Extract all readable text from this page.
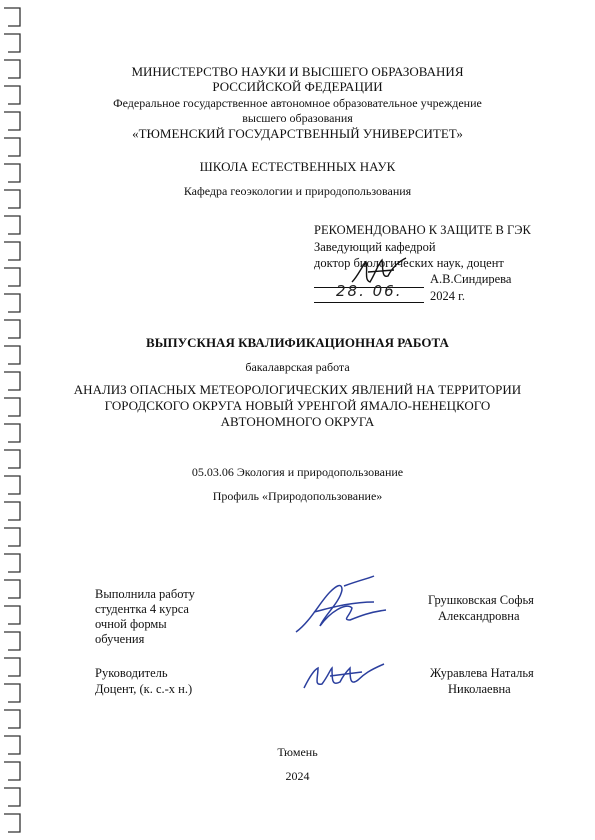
МИНИСТЕРСТВО НАУКИ И ВЫСШЕГО ОБРАЗОВАНИЯ
РОССИЙСКОЙ ФЕДЕРАЦИИ
Федеральное государственное автономное образовательное учреждение
высшего образования
«ТЮМЕНСКИЙ ГОСУДАРСТВЕННЫЙ УНИВЕРСИТЕТ»
ШКОЛА ЕСТЕСТВЕННЫХ НАУК
Кафедра геоэкологии и природопользования
РЕКОМЕНДОВАНО К ЗАЩИТЕ В ГЭК
Заведующий кафедрой
доктор биологических наук, доцент
А.В.Синдирева
28. 06. 2024 г.
ВЫПУСКНАЯ КВАЛИФИКАЦИОННАЯ РАБОТА
бакалаврская работа
АНАЛИЗ ОПАСНЫХ МЕТЕОРОЛОГИЧЕСКИХ ЯВЛЕНИЙ НА ТЕРРИТОРИИ
ГОРОДСКОГО ОКРУГА НОВЫЙ УРЕНГОЙ ЯМАЛО-НЕНЕЦКОГО
АВТОНОМНОГО ОКРУГА
05.03.06 Экология и природопользование
Профиль «Природопользование»
Выполнила работу
студентка 4 курса
очной формы
обучения
Грушковская Софья
Александровна
Руководитель
Доцент, (к. с.-х н.)
Журавлева Наталья
Николаевна
Тюмень
2024
